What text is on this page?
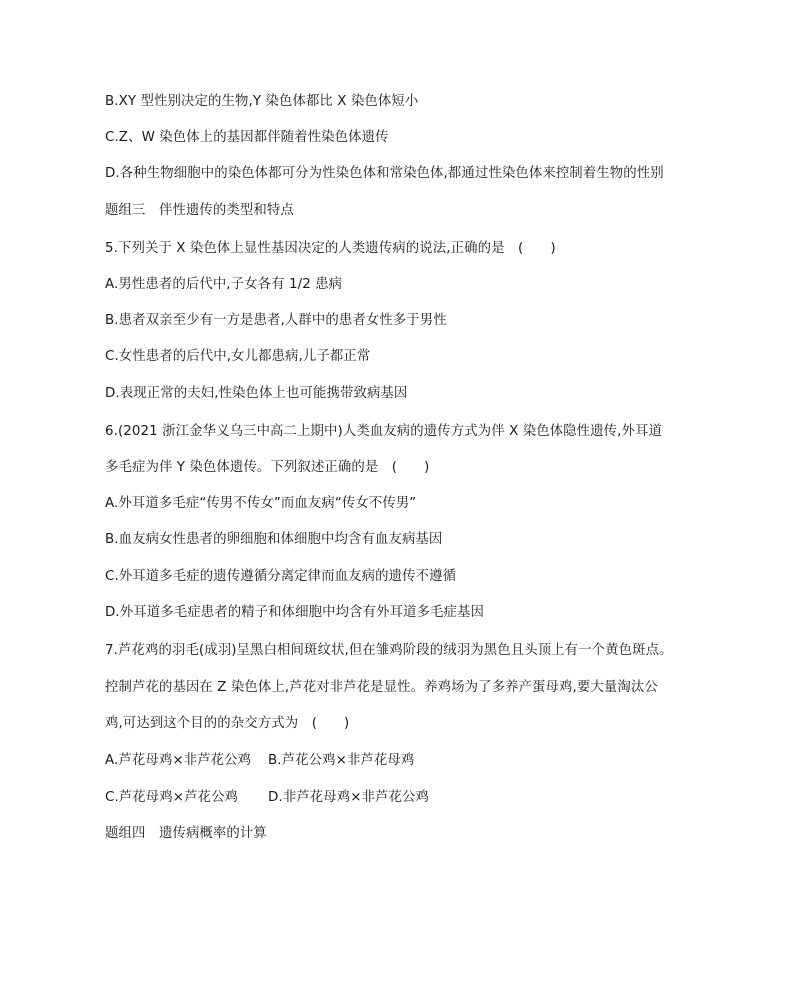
B.XY 型性别决定的生物,Y 染色体都比 X 染色体短小
C.Z、W 染色体上的基因都伴随着性染色体遗传
D.各种生物细胞中的染色体都可分为性染色体和常染色体,都通过性染色体来控制着生物的性别
题组三　伴性遗传的类型和特点
5.下列关于 X 染色体上显性基因决定的人类遗传病的说法,正确的是　(　　)
A.男性患者的后代中,子女各有 1/2 患病
B.患者双亲至少有一方是患者,人群中的患者女性多于男性
C.女性患者的后代中,女儿都患病,儿子都正常
D.表现正常的夫妇,性染色体上也可能携带致病基因
6.(2021 浙江金华义乌三中高二上期中)人类血友病的遗传方式为伴 X 染色体隐性遗传,外耳道
多毛症为伴 Y 染色体遗传。下列叙述正确的是　(　　)
A.外耳道多毛症“传男不传女”而血友病“传女不传男”
B.血友病女性患者的卵细胞和体细胞中均含有血友病基因
C.外耳道多毛症的遗传遵循分离定律而血友病的遗传不遵循
D.外耳道多毛症患者的精子和体细胞中均含有外耳道多毛症基因
7.芦花鸡的羽毛(成羽)呈黑白相间斑纹状,但在雏鸡阶段的绒羽为黑色且头顶上有一个黄色斑点。
控制芦花的基因在 Z 染色体上,芦花对非芦花是显性。养鸡场为了多养产蛋母鸡,要大量淘汰公
鸡,可达到这个目的的杂交方式为　(　　)
A.芦花母鸡×非芦花公鸡	B.芦花公鸡×非芦花母鸡
C.芦花母鸡×芦花公鸡	D.非芦花母鸡×非芦花公鸡
题组四　遗传病概率的计算
